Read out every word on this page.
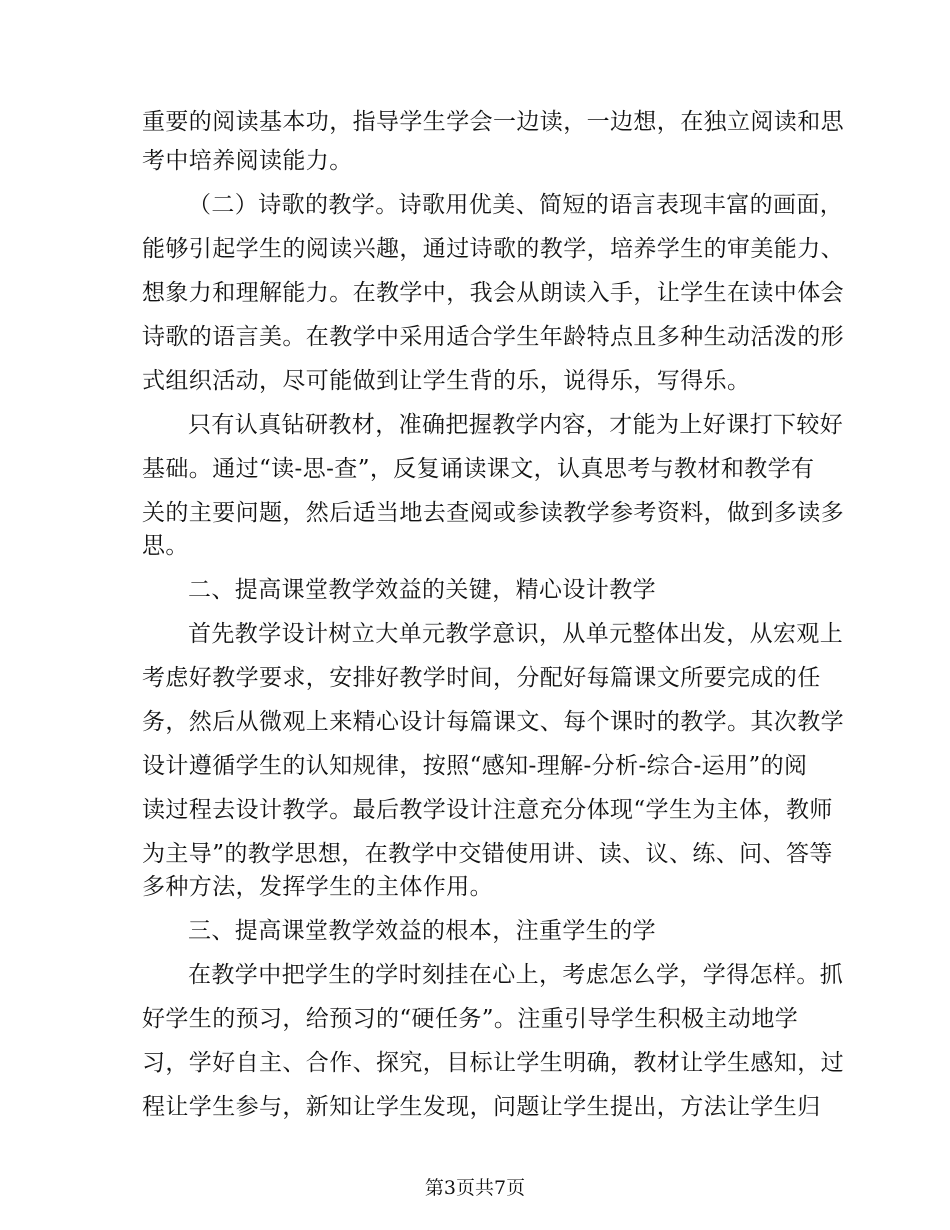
重要的阅读基本功，指导学生学会一边读，一边想，在独立阅读和思
考中培养阅读能力。
（二）诗歌的教学。诗歌用优美、简短的语言表现丰富的画面，
能够引起学生的阅读兴趣，通过诗歌的教学，培养学生的审美能力、
想象力和理解能力。在教学中，我会从朗读入手，让学生在读中体会
诗歌的语言美。在教学中采用适合学生年龄特点且多种生动活泼的形
式组织活动，尽可能做到让学生背的乐，说得乐，写得乐。
只有认真钻研教材，准确把握教学内容，才能为上好课打下较好
基础。通过“读-思-查”，反复诵读课文，认真思考与教材和教学有
关的主要问题，然后适当地去查阅或参读教学参考资料，做到多读多
思。
二、提高课堂教学效益的关键，精心设计教学
首先教学设计树立大单元教学意识，从单元整体出发，从宏观上
考虑好教学要求，安排好教学时间，分配好每篇课文所要完成的任
务，然后从微观上来精心设计每篇课文、每个课时的教学。其次教学
设计遵循学生的认知规律，按照“感知-理解-分析-综合-运用”的阅
读过程去设计教学。最后教学设计注意充分体现“学生为主体，教师
为主导”的教学思想，在教学中交错使用讲、读、议、练、问、答等
多种方法，发挥学生的主体作用。
三、提高课堂教学效益的根本，注重学生的学
在教学中把学生的学时刻挂在心上，考虑怎么学，学得怎样。抓
好学生的预习，给预习的“硬任务”。注重引导学生积极主动地学
习，学好自主、合作、探究，目标让学生明确，教材让学生感知，过
程让学生参与，新知让学生发现，问题让学生提出，方法让学生归
第3页共7页
